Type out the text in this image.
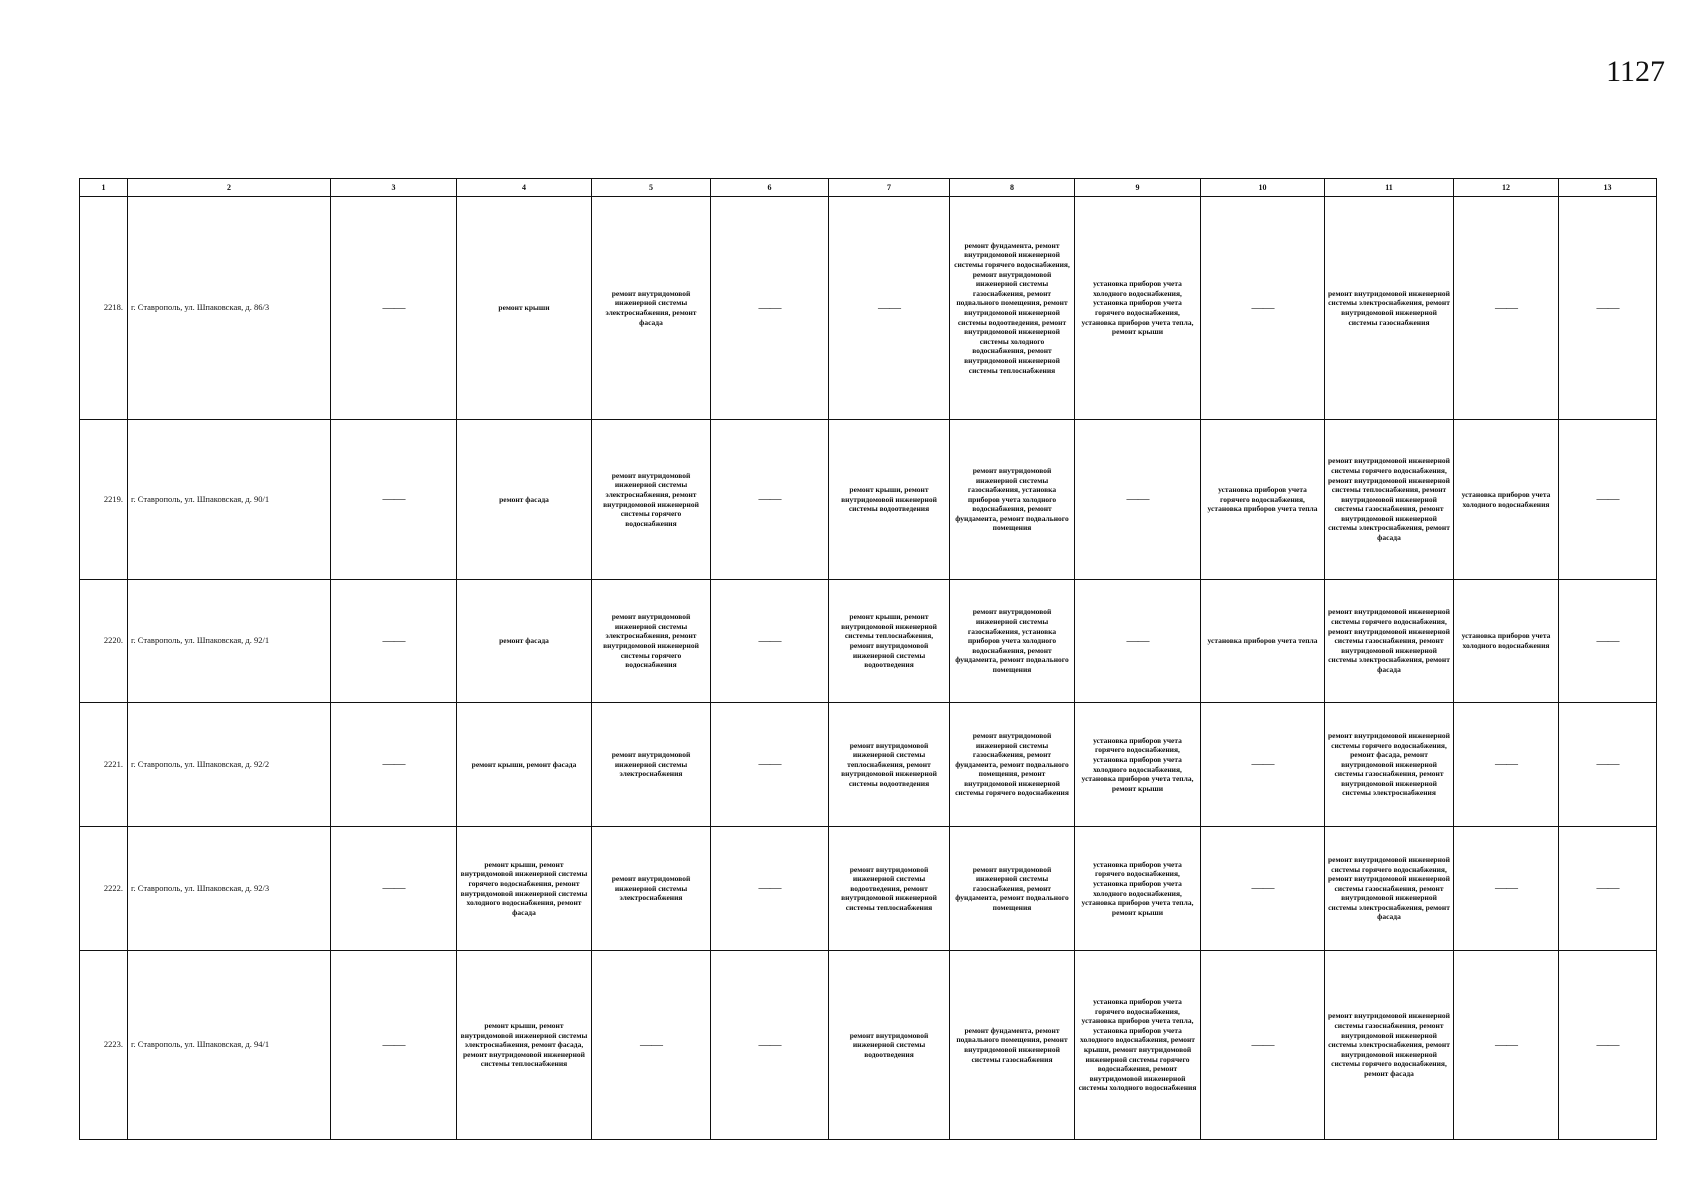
1127
1	2	3	4	5	6	7	8	9	10	11	12	13
2218.	г. Ставрополь, ул. Шпаковская, д. 86/3	——	ремонт крыши	ремонт внутридомовой инженерной системы электроснабжения, ремонт фасада	——	——	ремонт фундамента, ремонт внутридомовой инженерной системы горячего водоснабжения, ремонт внутридомовой инженерной системы газоснабжения, ремонт подвального помещения, ремонт внутридомовой инженерной системы водоотведения, ремонт внутридомовой инженерной системы холодного водоснабжения, ремонт внутридомовой инженерной системы теплоснабжения	установка приборов учета холодного водоснабжения, установка приборов учета горячего водоснабжения, установка приборов учета тепла, ремонт крыши	——	ремонт внутридомовой инженерной системы электроснабжения, ремонт внутридомовой инженерной системы газоснабжения	——	——
2219.	г. Ставрополь, ул. Шпаковская, д. 90/1	——	ремонт фасада	ремонт внутридомовой инженерной системы электроснабжения, ремонт внутридомовой инженерной системы горячего водоснабжения	——	ремонт крыши, ремонт внутридомовой инженерной системы водоотведения	ремонт внутридомовой инженерной системы газоснабжения, установка приборов учета холодного водоснабжения, ремонт фундамента, ремонт подвального помещения	——	установка приборов учета горячего водоснабжения, установка приборов учета тепла	ремонт внутридомовой инженерной системы горячего водоснабжения, ремонт внутридомовой инженерной системы теплоснабжения, ремонт внутридомовой инженерной системы газоснабжения, ремонт внутридомовой инженерной системы электроснабжения, ремонт фасада	установка приборов учета холодного водоснабжения	——
2220.	г. Ставрополь, ул. Шпаковская, д. 92/1	——	ремонт фасада	ремонт внутридомовой инженерной системы электроснабжения, ремонт внутридомовой инженерной системы горячего водоснабжения	——	ремонт крыши, ремонт внутридомовой инженерной системы теплоснабжения, ремонт внутридомовой инженерной системы водоотведения	ремонт внутридомовой инженерной системы газоснабжения, установка приборов учета холодного водоснабжения, ремонт фундамента, ремонт подвального помещения	——	установка приборов учета тепла	ремонт внутридомовой инженерной системы горячего водоснабжения, ремонт внутридомовой инженерной системы газоснабжения, ремонт внутридомовой инженерной системы электроснабжения, ремонт фасада	установка приборов учета холодного водоснабжения	——
2221.	г. Ставрополь, ул. Шпаковская, д. 92/2	——	ремонт крыши, ремонт фасада	ремонт внутридомовой инженерной системы электроснабжения	——	ремонт внутридомовой инженерной системы теплоснабжения, ремонт внутридомовой инженерной системы водоотведения	ремонт внутридомовой инженерной системы газоснабжения, ремонт фундамента, ремонт подвального помещения, ремонт внутридомовой инженерной системы горячего водоснабжения	установка приборов учета горячего водоснабжения, установка приборов учета холодного водоснабжения, установка приборов учета тепла, ремонт крыши	——	ремонт внутридомовой инженерной системы горячего водоснабжения, ремонт фасада, ремонт внутридомовой инженерной системы газоснабжения, ремонт внутридомовой инженерной системы электроснабжения	——	——
2222.	г. Ставрополь, ул. Шпаковская, д. 92/3	——	ремонт крыши, ремонт внутридомовой инженерной системы горячего водоснабжения, ремонт внутридомовой инженерной системы холодного водоснабжения, ремонт фасада	ремонт внутридомовой инженерной системы электроснабжения	——	ремонт внутридомовой инженерной системы водоотведения, ремонт внутридомовой инженерной системы теплоснабжения	ремонт внутридомовой инженерной системы газоснабжения, ремонт фундамента, ремонт подвального помещения	установка приборов учета горячего водоснабжения, установка приборов учета холодного водоснабжения, установка приборов учета тепла, ремонт крыши	——	ремонт внутридомовой инженерной системы горячего водоснабжения, ремонт внутридомовой инженерной системы газоснабжения, ремонт внутридомовой инженерной системы электроснабжения, ремонт фасада	——	——
2223.	г. Ставрополь, ул. Шпаковская, д. 94/1	——	ремонт крыши, ремонт внутридомовой инженерной системы электроснабжения, ремонт фасада, ремонт внутридомовой инженерной системы теплоснабжения	——	——	ремонт внутридомовой инженерной системы водоотведения	ремонт фундамента, ремонт подвального помещения, ремонт внутридомовой инженерной системы газоснабжения	установка приборов учета горячего водоснабжения, установка приборов учета тепла, установка приборов учета холодного водоснабжения, ремонт крыши, ремонт внутридомовой инженерной системы горячего водоснабжения, ремонт внутридомовой инженерной системы холодного водоснабжения	——	ремонт внутридомовой инженерной системы газоснабжения, ремонт внутридомовой инженерной системы электроснабжения, ремонт внутридомовой инженерной системы горячего водоснабжения, ремонт фасада	——	——
